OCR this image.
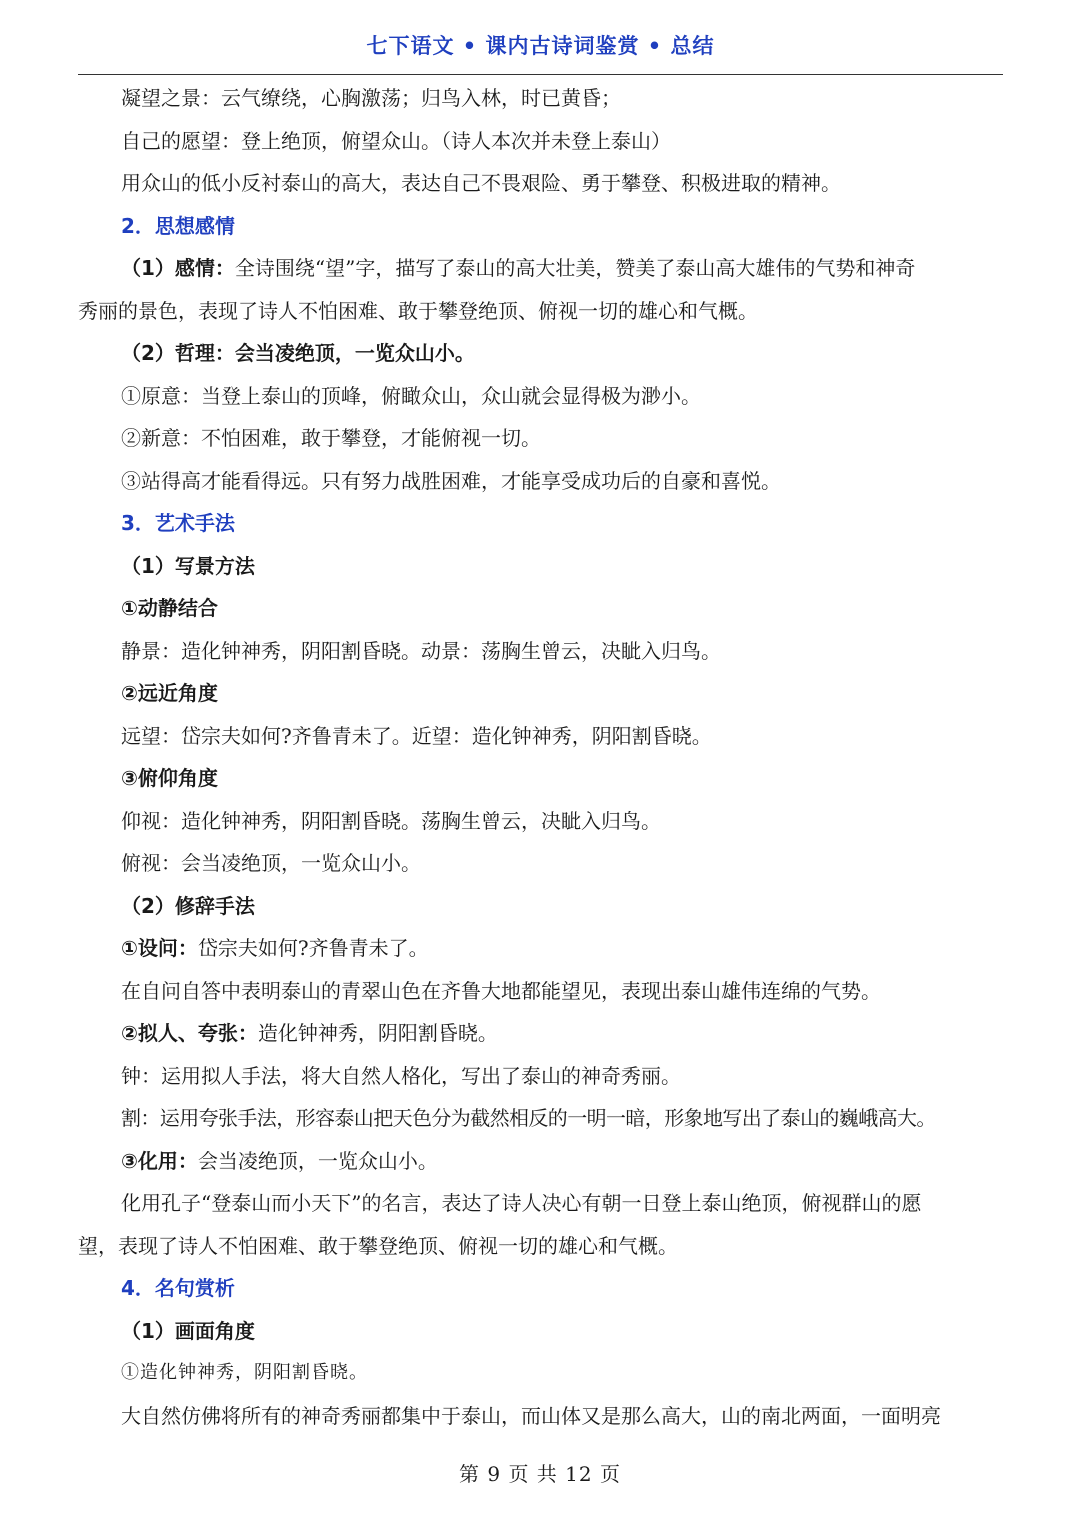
七下语文 • 课内古诗词鉴赏 • 总结
凝望之景：云气缭绕，心胸激荡；归鸟入林，时已黄昏；
自己的愿望：登上绝顶，俯望众山。（诗人本次并未登上泰山）
用众山的低小反衬泰山的高大，表达自己不畏艰险、勇于攀登、积极进取的精神。
2．思想感情
（1）感情：全诗围绕“望”字，描写了泰山的高大壮美，赞美了泰山高大雄伟的气势和神奇
秀丽的景色，表现了诗人不怕困难、敢于攀登绝顶、俯视一切的雄心和气概。
（2）哲理：会当凌绝顶，一览众山小。
①原意：当登上泰山的顶峰，俯瞰众山，众山就会显得极为渺小。
②新意：不怕困难，敢于攀登，才能俯视一切。
③站得高才能看得远。只有努力战胜困难，才能享受成功后的自豪和喜悦。
3．艺术手法
（1）写景方法
①动静结合
静景：造化钟神秀，阴阳割昏晓。动景：荡胸生曾云，决眦入归鸟。
②远近角度
远望：岱宗夫如何?齐鲁青未了。近望：造化钟神秀，阴阳割昏晓。
③俯仰角度
仰视：造化钟神秀，阴阳割昏晓。荡胸生曾云，决眦入归鸟。
俯视：会当凌绝顶，一览众山小。
（2）修辞手法
①设问：岱宗夫如何?齐鲁青未了。
在自问自答中表明泰山的青翠山色在齐鲁大地都能望见，表现出泰山雄伟连绵的气势。
②拟人、夸张：造化钟神秀，阴阳割昏晓。
钟：运用拟人手法，将大自然人格化，写出了泰山的神奇秀丽。
割：运用夸张手法，形容泰山把天色分为截然相反的一明一暗，形象地写出了泰山的巍峨高大。
③化用：会当凌绝顶，一览众山小。
化用孔子“登泰山而小天下”的名言，表达了诗人决心有朝一日登上泰山绝顶，俯视群山的愿
望，表现了诗人不怕困难、敢于攀登绝顶、俯视一切的雄心和气概。
4．名句赏析
（1）画面角度
①造化钟神秀，阴阳割昏晓。
大自然仿佛将所有的神奇秀丽都集中于泰山，而山体又是那么高大，山的南北两面，一面明亮
第 9 页 共 12 页
